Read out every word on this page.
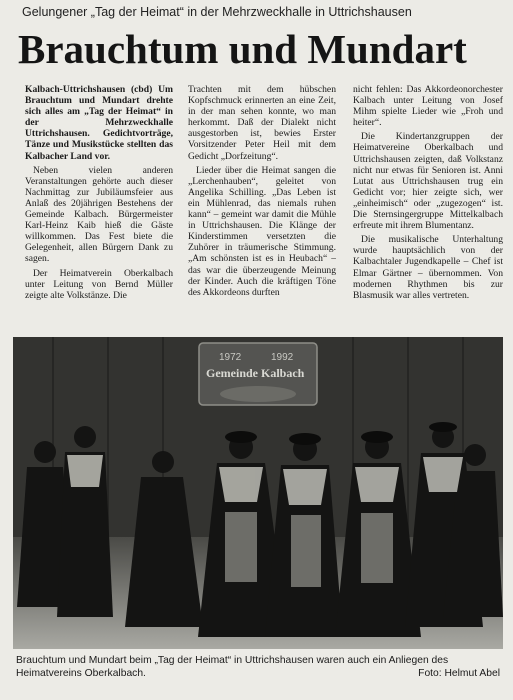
Gelungener „Tag der Heimat“ in der Mehrzweckhalle in Uttrichshausen
Brauchtum und Mundart

Kalbach-Uttrichshausen (cbd) Um Brauchtum und Mundart drehte sich alles am „Tag der Heimat“ in der Mehrzweckhalle Uttrichshausen. Gedichtvorträge, Tänze und Musikstücke stellten das Kalbacher Land vor.

Neben vielen anderen Veranstaltungen gehörte auch dieser Nachmittag zur Jubiläumsfeier aus Anlaß des 20jährigen Bestehens der Gemeinde Kalbach. Bürgermeister Karl-Heinz Kaib hieß die Gäste willkommen. Das Fest biete die Gelegenheit, allen Bürgern Dank zu sagen.

Der Heimatverein Oberkalbach unter Leitung von Bernd Müller zeigte alte Volkstänze. Die

Trachten mit dem hübschen Kopfschmuck erinnerten an eine Zeit, in der man sehen konnte, wo man herkommt. Daß der Dialekt nicht ausgestorben ist, bewies Erster Vorsitzender Peter Heil mit dem Gedicht „Dorfzeitung“.

Lieder über die Heimat sangen die „Lerchenhauben“, geleitet von Angelika Schilling. „Das Leben ist ein Mühlenrad, das niemals ruhen kann“ – gemeint war damit die Mühle in Uttrichshausen. Die Klänge der Kinderstimmen versetzten die Zuhörer in träumerische Stimmung. „Am schönsten ist es in Heubach“ – das war die überzeugende Meinung der Kinder. Auch die kräftigen Töne des Akkordeons durften

nicht fehlen: Das Akkordeonorchester Kalbach unter Leitung von Josef Mihm spielte Lieder wie „Froh und heiter“.

Die Kindertanzgruppen der Heimatvereine Oberkalbach und Uttrichshausen zeigten, daß Volkstanz nicht nur etwas für Senioren ist. Anni Lutat aus Uttrichshausen trug ein Gedicht vor; hier zeigte sich, wer „einheimisch“ oder „zugezogen“ ist. Die Sternsingergruppe Mittelkalbach erfreute mit ihrem Blumentanz.

Die musikalische Unterhaltung wurde hauptsächlich von der Kalbachtaler Jugendkapelle – Chef ist Elmar Gärtner – übernommen. Von modernen Rhythmen bis zur Blasmusik war alles vertreten.

1972	1992
Gemeinde Kalbach
Brauchtum und Mundart beim „Tag der Heimat“ in Uttrichshausen waren auch ein Anliegen des Heimatvereins Oberkalbach.	Foto: Helmut Abel
